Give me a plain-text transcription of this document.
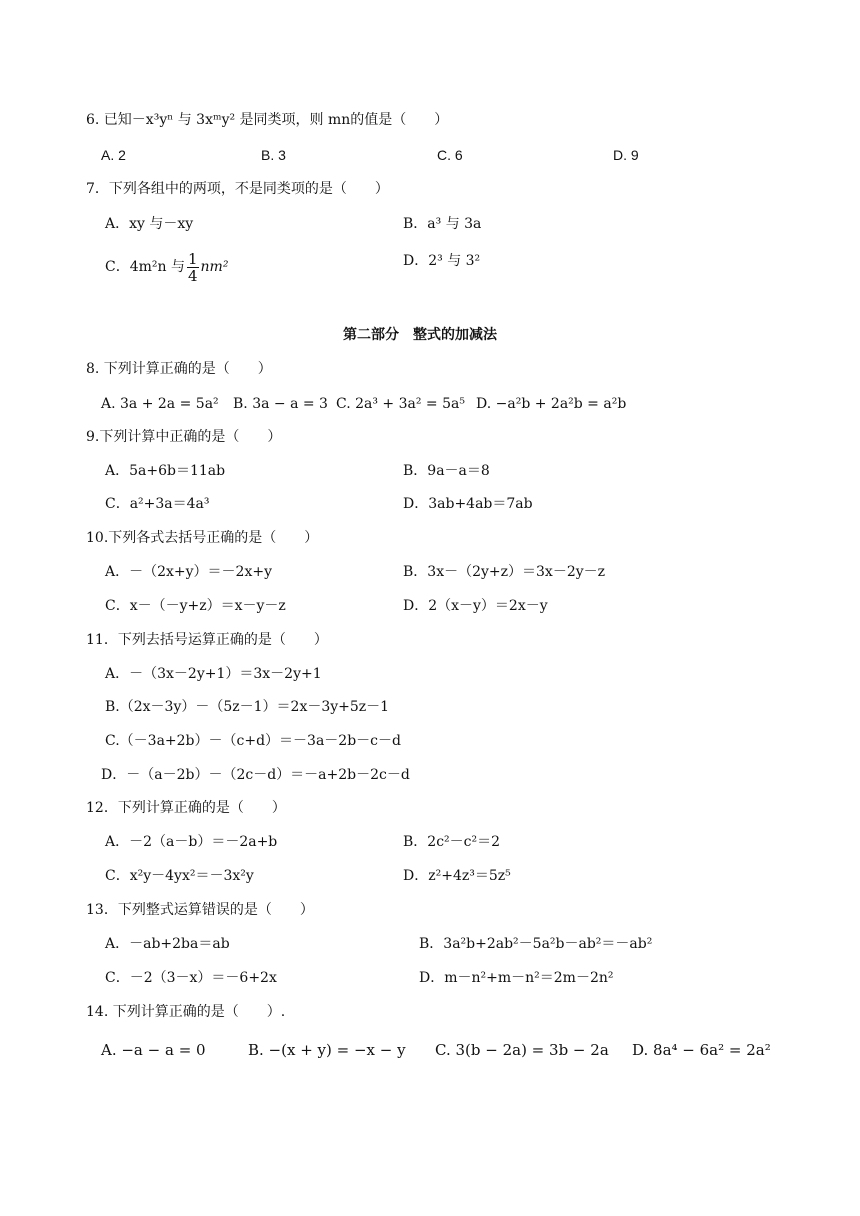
6. 已知－x³yⁿ 与 3xᵐy² 是同类项，则 mn的值是（　　）
A. 2	B. 3	C. 6	D. 9
7．下列各组中的两项，不是同类项的是（　　）
A．xy 与－xy	B．a³ 与 3a
C．4m²n 与 $\frac{1}{4} nm^2$	D．2³ 与 3²
第二部分　整式的加减法
8. 下列计算正确的是（　　）
A. 3a + 2a = 5a² B. 3a − a = 3 C. 2a³ + 3a² = 5a⁵ D. −a²b + 2a²b = a²b
9.下列计算中正确的是（　　）
A．5a+6b＝11ab	B．9a－a＝8
C．a²+3a＝4a³	D．3ab+4ab＝7ab
10.下列各式去括号正确的是（　　）
A．－（2x+y）＝－2x+y	B．3x－（2y+z）＝3x－2y－z
C．x－（－y+z）＝x－y－z	D．2（x－y）＝2x－y
11．下列去括号运算正确的是（　　）
A．－（3x－2y+1）＝3x－2y+1
B.（2x－3y）－（5z－1）＝2x－3y+5z－1
C.（－3a+2b）－（c+d）＝－3a－2b－c－d
D．－（a－2b）－（2c－d）＝－a+2b－2c－d
12．下列计算正确的是（　　）
A．－2（a－b）＝－2a+b	B．2c²－c²＝2
C．x²y－4yx²＝－3x²y	D．z²+4z³＝5z⁵
13．下列整式运算错误的是（　　）
A．－ab+2ba＝ab	B．3a²b+2ab²－5a²b－ab²＝－ab²
C．－2（3－x）＝－6+2x	D．m－n²+m－n²＝2m－2n²
14. 下列计算正确的是（　　）.
A. −a − a = 0	B. −(x + y) = −x − y C. 3(b − 2a) = 3b − 2a D. 8a⁴ − 6a² = 2a²
